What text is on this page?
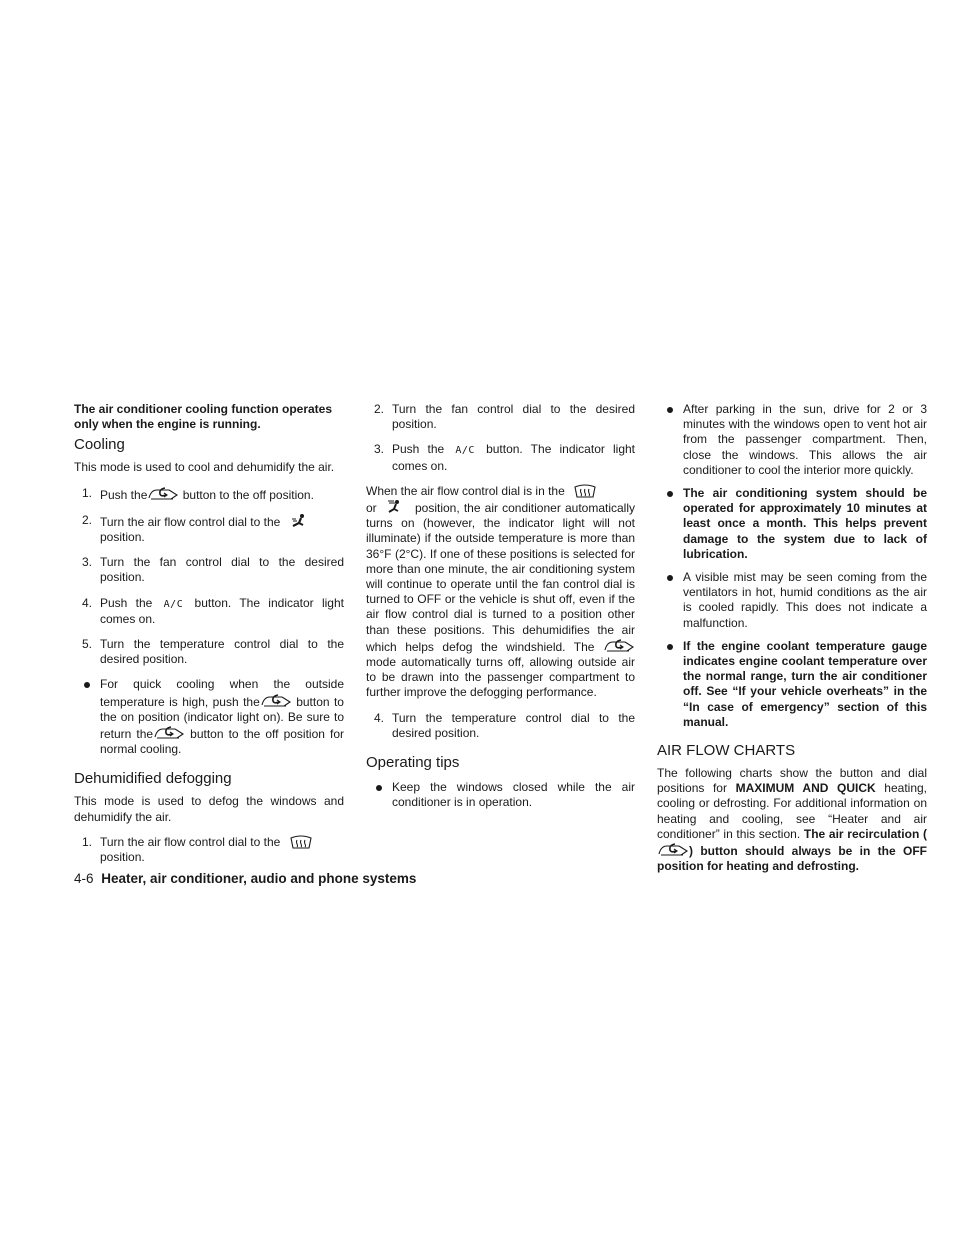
The air conditioner cooling function operates only when the engine is running.

Cooling

This mode is used to cool and dehumidify the air.

1. Push the	button to the off position.
2. Turn the air flow control dial to the

position.
3. Turn the fan control dial to the desired position.
4. Push the A/C button. The indicator light comes on.
5. Turn the temperature control dial to the desired position.
For quick cooling when the outside temperature is high, push the	button to the on position (indicator light on). Be sure to return the	button to the off position for normal cooling.
Dehumidified defogging

This mode is used to defog the windows and dehumidify the air.

1. Turn the air flow control dial to the

position.
2. Turn the fan control dial to the desired position.
3. Push the A/C button. The indicator light comes on.

When the air flow control dial is in the

or	position, the air conditioner automatically turns on (however, the indicator light will not illuminate) if the outside temperature is more than 36°F (2°C). If one of these positions is selected for more than one minute, the air conditioning system will continue to operate until the fan control dial is turned to OFF or the vehicle is shut off, even if the air flow control dial is turned to a position other than these positions. This dehumidifies the air which helps defog the windshield. The
mode automatically turns off, allowing outside air to be drawn into the passenger compartment to further improve the defogging performance.

4. Turn the temperature control dial to the desired position.
Operating tips
Keep the windows closed while the air conditioner is in operation.
After parking in the sun, drive for 2 or 3 minutes with the windows open to vent hot air from the passenger compartment. Then, close the windows. This allows the air conditioner to cool the interior more quickly.
The air conditioning system should be operated for approximately 10 minutes at least once a month. This helps prevent damage to the system due to lack of lubrication.
A visible mist may be seen coming from the ventilators in hot, humid conditions as the air is cooled rapidly. This does not indicate a malfunction.
If the engine coolant temperature gauge indicates engine coolant temperature over the normal range, turn the air conditioner off. See “If your vehicle overheats” in the “In case of emergency” section of this manual.
AIR FLOW CHARTS

The following charts show the button and dial positions for MAXIMUM AND QUICK heating, cooling or defrosting. For additional information on heating and cooling, see “Heater and air conditioner” in this section. The air recirculation (
) button should always be in the OFF position for heating and defrosting.

4-6 Heater, air conditioner, audio and phone systems
